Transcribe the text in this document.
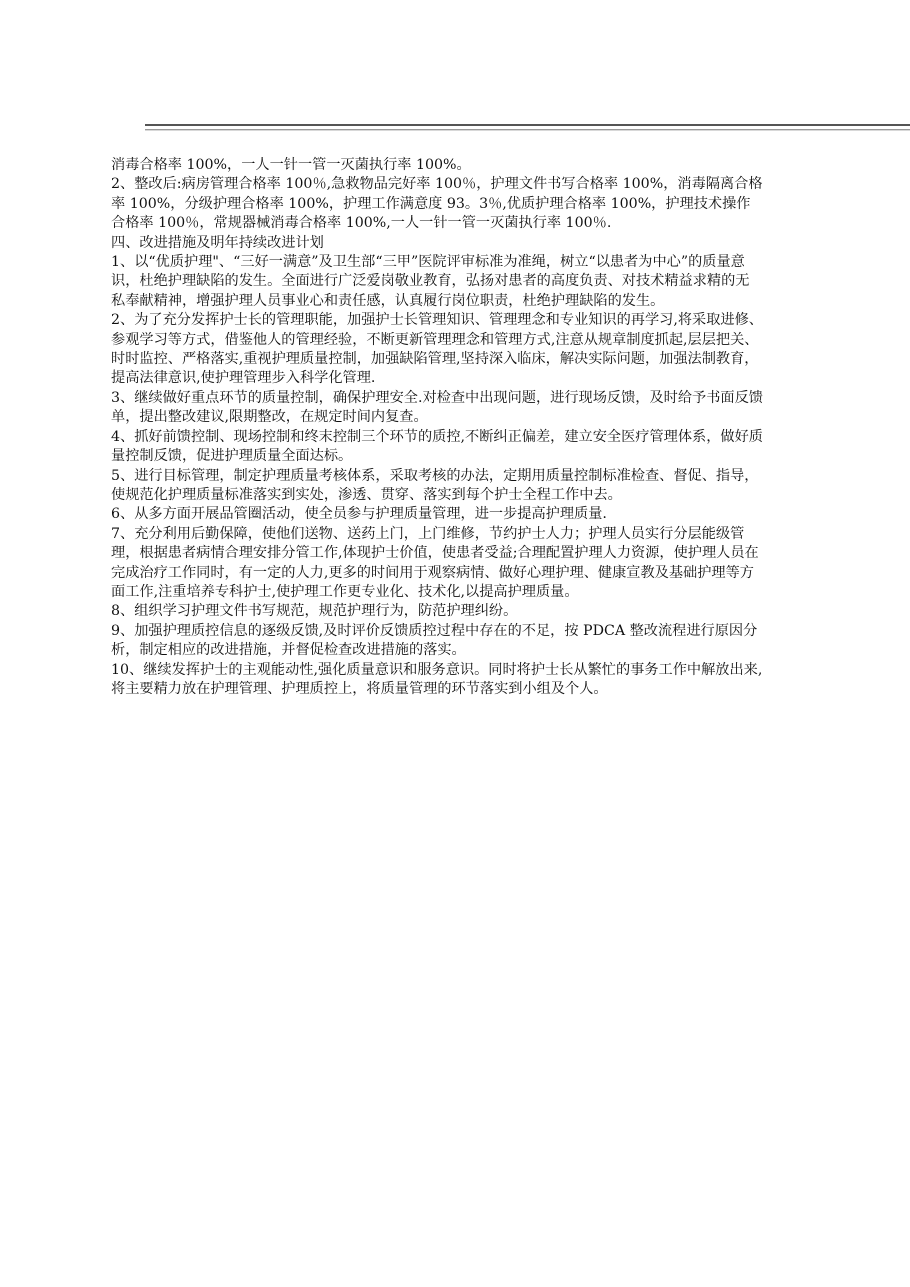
消毒合格率 100%，一人一针一管一灭菌执行率 100%。

2、整改后:病房管理合格率 100％,急救物品完好率 100％，护理文件书写合格率 100%，消毒隔离合格率 100%，分级护理合格率 100%，护理工作满意度 93。3％,优质护理合格率 100%，护理技术操作合格率 100％，常规器械消毒合格率 100%,一人一针一管一灭菌执行率 100％.

四、改进措施及明年持续改进计划

1、以“优质护理"、“三好一满意”及卫生部“三甲”医院评审标准为准绳，树立“以患者为中心”的质量意识，杜绝护理缺陷的发生。全面进行广泛爱岗敬业教育，弘扬对患者的高度负责、对技术精益求精的无私奉献精神，增强护理人员事业心和责任感，认真履行岗位职责，杜绝护理缺陷的发生。

2、为了充分发挥护士长的管理职能，加强护士长管理知识、管理理念和专业知识的再学习,将采取进修、参观学习等方式，借鉴他人的管理经验，不断更新管理理念和管理方式,注意从规章制度抓起,层层把关、时时监控、严格落实,重视护理质量控制，加强缺陷管理,坚持深入临床，解决实际问题，加强法制教育，提高法律意识,使护理管理步入科学化管理.

3、继续做好重点环节的质量控制，确保护理安全.对检查中出现问题，进行现场反馈，及时给予书面反馈单，提出整改建议,限期整改，在规定时间内复查。

4、抓好前馈控制、现场控制和终末控制三个环节的质控,不断纠正偏差，建立安全医疗管理体系，做好质量控制反馈，促进护理质量全面达标。

5、进行目标管理，制定护理质量考核体系，采取考核的办法，定期用质量控制标准检查、督促、指导，使规范化护理质量标准落实到实处，渗透、贯穿、落实到每个护士全程工作中去。

6、从多方面开展品管圈活动，使全员参与护理质量管理，进一步提高护理质量.

7、充分利用后勤保障，使他们送物、送药上门，上门维修，节约护士人力；护理人员实行分层能级管理，根据患者病情合理安排分管工作,体现护士价值，使患者受益;合理配置护理人力资源，使护理人员在完成治疗工作同时，有一定的人力,更多的时间用于观察病情、做好心理护理、健康宣教及基础护理等方面工作,注重培养专科护士,使护理工作更专业化、技术化,以提高护理质量。

8、组织学习护理文件书写规范，规范护理行为，防范护理纠纷。

9、加强护理质控信息的逐级反馈,及时评价反馈质控过程中存在的不足，按 PDCA 整改流程进行原因分析，制定相应的改进措施，并督促检查改进措施的落实。

10、继续发挥护士的主观能动性,强化质量意识和服务意识。同时将护士长从繁忙的事务工作中解放出来,将主要精力放在护理管理、护理质控上，将质量管理的环节落实到小组及个人。
